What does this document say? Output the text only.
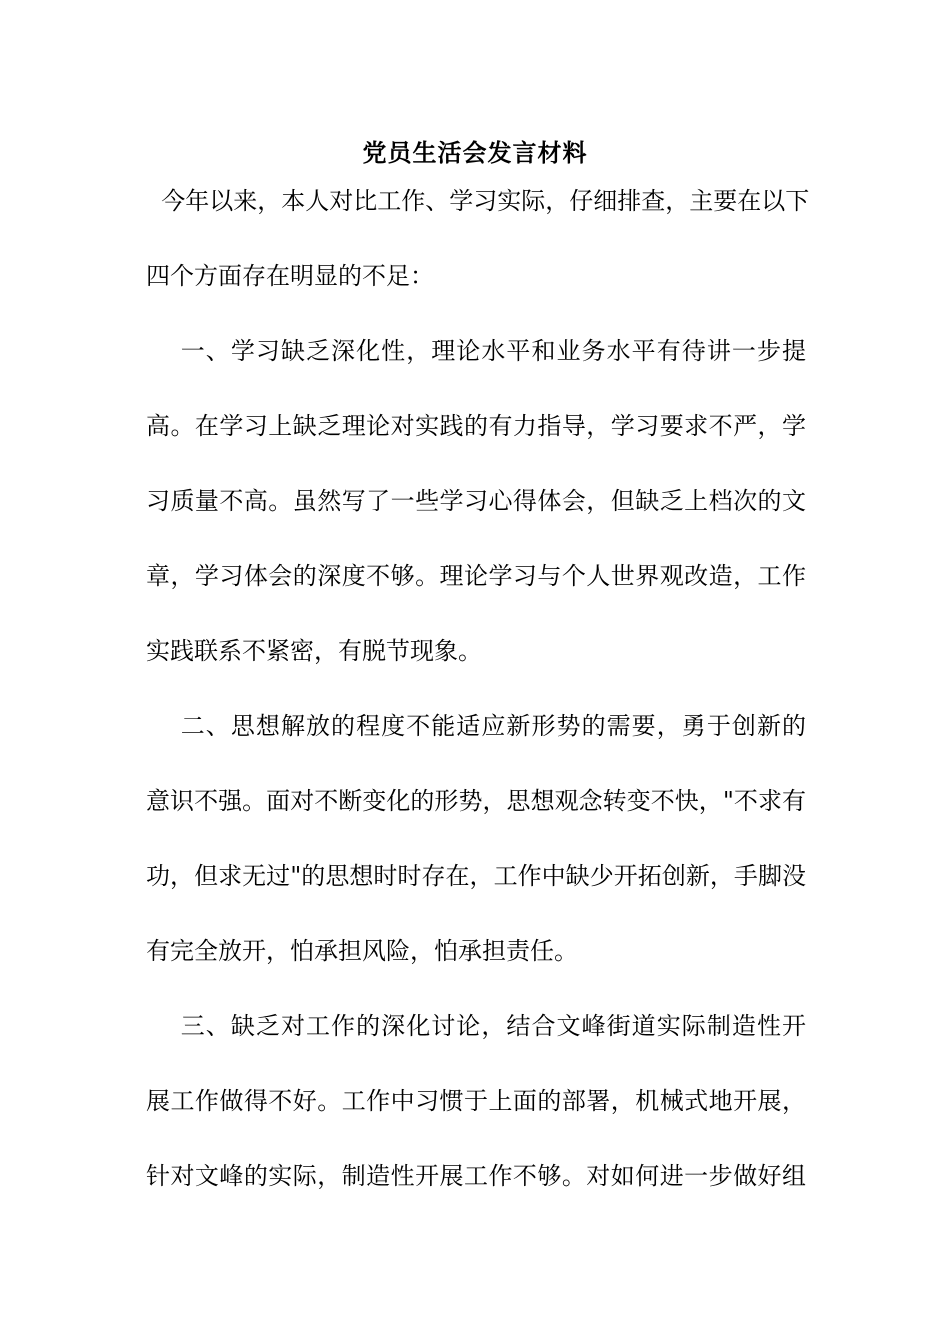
党员生活会发言材料
今年以来，本人对比工作、学习实际，仔细排查，主要在以下
四个方面存在明显的不足：
一、学习缺乏深化性，理论水平和业务水平有待讲一步提
高。在学习上缺乏理论对实践的有力指导，学习要求不严，学
习质量不高。虽然写了一些学习心得体会，但缺乏上档次的文
章，学习体会的深度不够。理论学习与个人世界观改造，工作
实践联系不紧密，有脱节现象。
二、思想解放的程度不能适应新形势的需要，勇于创新的
意识不强。面对不断变化的形势，思想观念转变不快，"不求有
功，但求无过"的思想时时存在，工作中缺少开拓创新，手脚没
有完全放开，怕承担风险，怕承担责任。
三、缺乏对工作的深化讨论，结合文峰街道实际制造性开
展工作做得不好。工作中习惯于上面的部署，机械式地开展，
针对文峰的实际，制造性开展工作不够。对如何进一步做好组
